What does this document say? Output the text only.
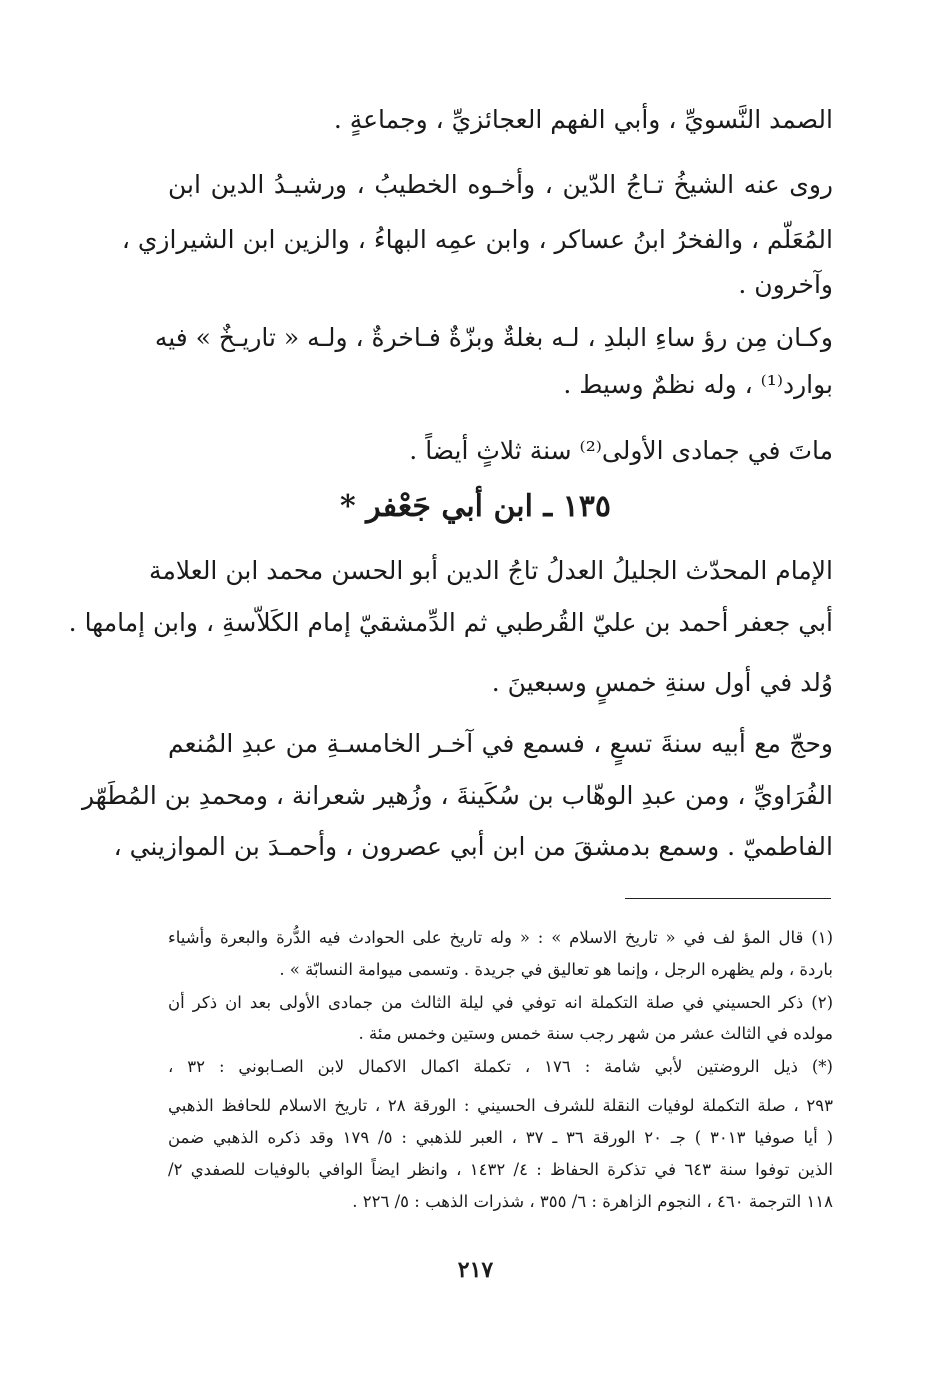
الصمد النَّسويِّ ، وأبي الفهم العجائزيِّ ، وجماعةٍ .
روى عنه الشيخُ تـاجُ الدّين ، وأخـوه الخطيبُ ، ورشيـدُ الدين ابن
المُعَلّم ، والفخرُ ابنُ عساكر ، وابن عمِه البهاءُ ، والزين ابن الشيرازي ،
وآخرون .
وكـان مِن رؤ ساءِ البلدِ ، لـه بغلةٌ وبزّةٌ فـاخرةٌ ، ولـه « تاريـخٌ » فيه
بوارد⁽¹⁾ ، وله نظمٌ وسيط .
ماتَ في جمادى الأولى⁽²⁾ سنة ثلاثٍ أيضاً .
١٣٥ ـ ابن أبي جَعْفر *
الإمام المحدّث الجليلُ العدلُ تاجُ الدين أبو الحسن محمد ابن العلامة
أبي جعفر أحمد بن عليّ القُرطبي ثم الدِّمشقيّ إمام الكَلاّسةِ ، وابن إمامها .
وُلد في أول سنةِ خمسٍ وسبعينَ .
وحجّ مع أبيه سنةَ تسعٍ ، فسمع في آخـر الخامسـةِ من عبدِ المُنعم
الفُرَاويِّ ، ومن عبدِ الوهّاب بن سُكَينةَ ، وزُهير شعرانة ، ومحمدِ بن المُطَهّر
الفاطميّ . وسمع بدمشقَ من ابن أبي عصرون ، وأحمـدَ بن الموازيني ،
(١) قال المؤ لف في « تاريخ الاسلام » : « وله تاريخ على الحوادث فيه الدُّرة والبعرة وأشياء
باردة ، ولم يظهره الرجل ، وإنما هو تعاليق في جريدة . وتسمى ميوامة النسابّة » .
(٢) ذكر الحسيني في صلة التكملة انه توفي في ليلة الثالث من جمادى الأولى بعد ان ذكر أن
مولده في الثالث عشر من شهر رجب سنة خمس وستين وخمس مئة .
(*) ذيل الروضتين لأبي شامة : ١٧٦ ، تكملة اكمال الاكمال لابن الصـابوني : ٣٢ ،
٢٩٣ ، صلة التكملة لوفيات النقلة للشرف الحسيني : الورقة ٢٨ ، تاريخ الاسلام للحافظ الذهبي
( أيا صوفيا ٣٠١٣ ) جـ ٢٠ الورقة ٣٦ ـ ٣٧ ، العبر للذهبي : ٥/ ١٧٩ وقد ذكره الذهبي ضمن
الذين توفوا سنة ٦٤٣ في تذكرة الحفاظ : ٤/ ١٤٣٢ ، وانظر ايضاً الوافي بالوفيات للصفدي ٢/
١١٨ الترجمة ٤٦٠ ، النجوم الزاهرة : ٦/ ٣٥٥ ، شذرات الذهب : ٥/ ٢٢٦ .
٢١٧
